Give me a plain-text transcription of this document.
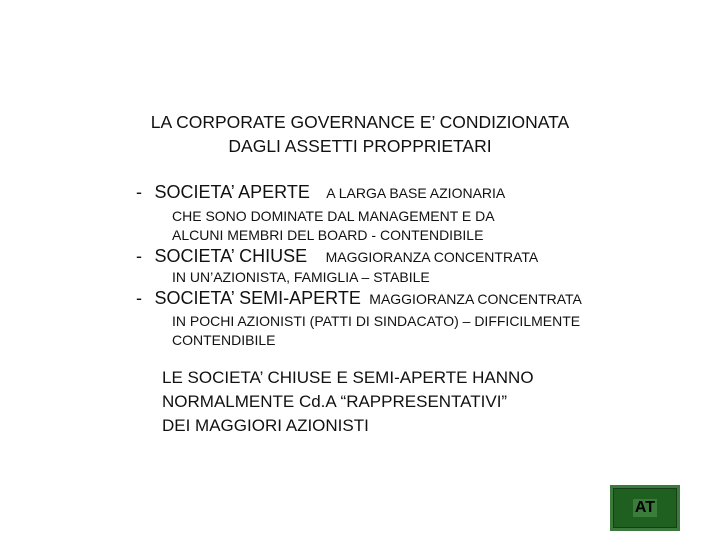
LA CORPORATE GOVERNANCE E’ CONDIZIONATA
DAGLI ASSETTI PROPPRIETARI
- SOCIETA’ APERTE A LARGA BASE AZIONARIA
CHE SONO DOMINATE DAL MANAGEMENT E DA
ALCUNI MEMBRI DEL BOARD - CONTENDIBILE
- SOCIETA’ CHIUSE MAGGIORANZA CONCENTRATA
IN UN’AZIONISTA, FAMIGLIA – STABILE
- SOCIETA’ SEMI-APERTE MAGGIORANZA CONCENTRATA
IN POCHI AZIONISTI (PATTI DI SINDACATO) – DIFFICILMENTE
CONTENDIBILE
LE SOCIETA’ CHIUSE E SEMI-APERTE HANNO
NORMALMENTE Cd.A “RAPPRESENTATIVI”
DEI MAGGIORI AZIONISTI
AT
